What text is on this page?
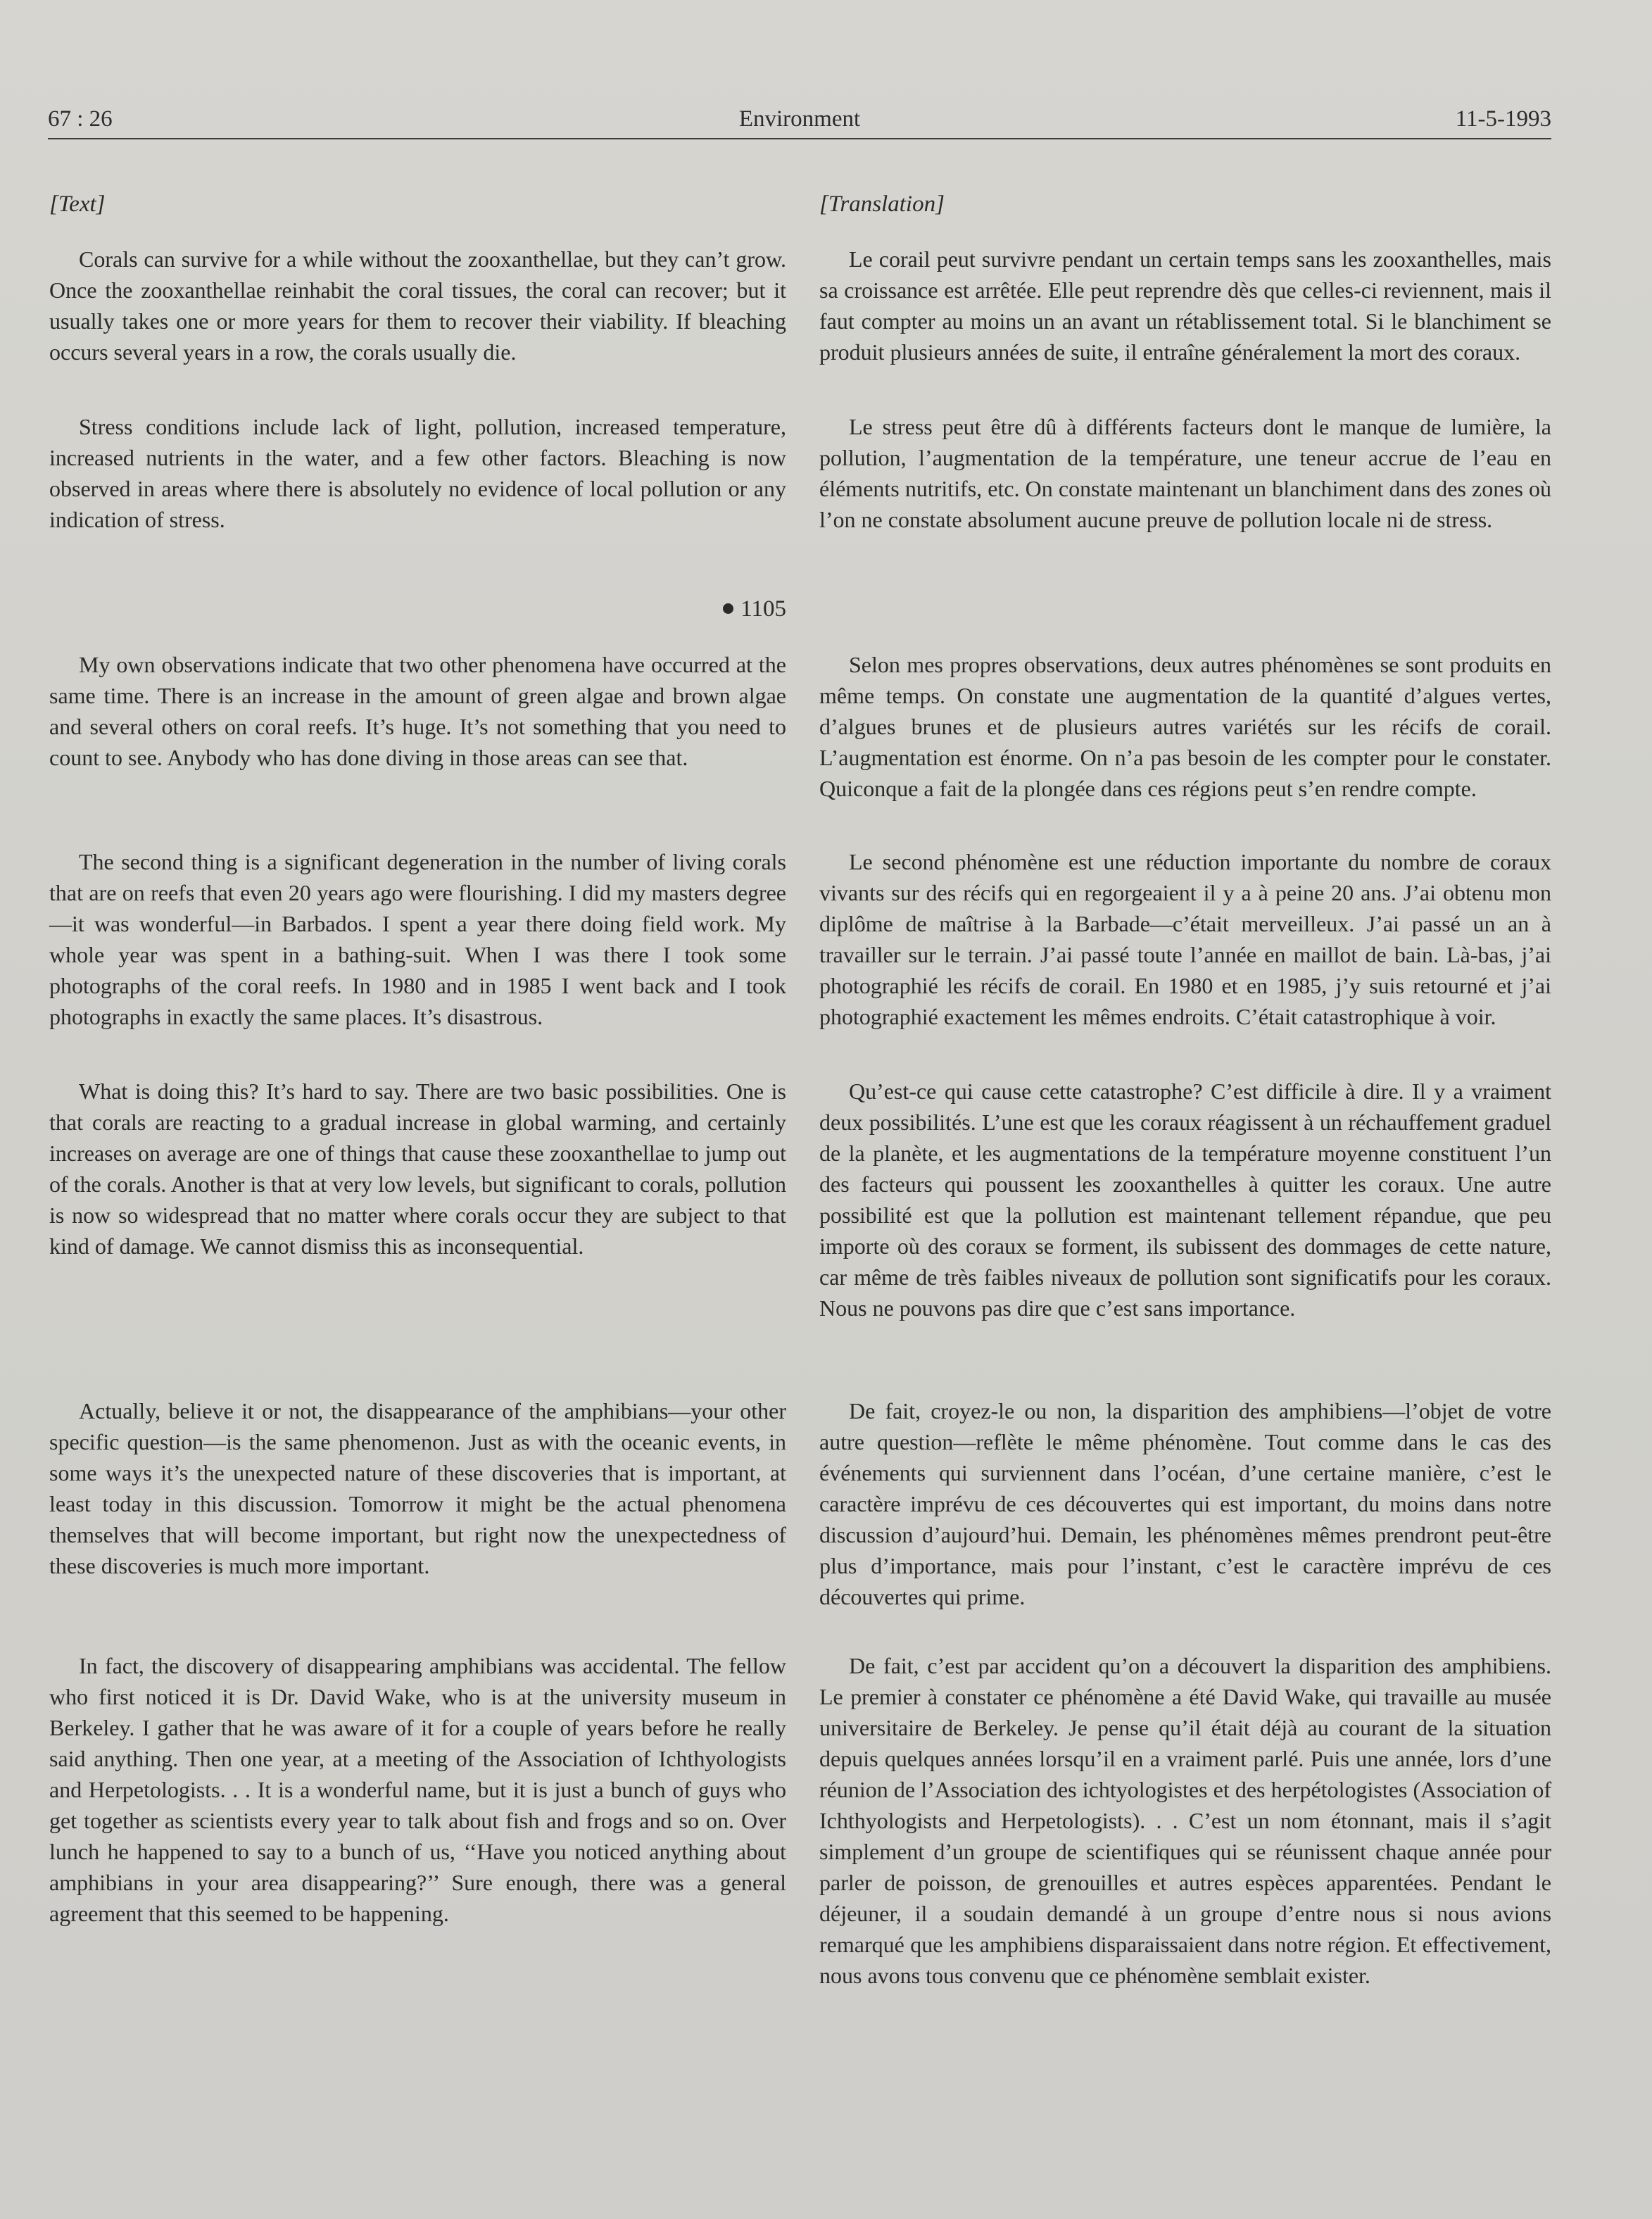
67 : 26	Environment	11-5-1993
[Text]

Corals can survive for a while without the zooxanthellae, but they can’t grow. Once the zooxanthellae reinhabit the coral tissues, the coral can recover; but it usually takes one or more years for them to recover their viability. If bleaching occurs several years in a row, the corals usually die.

Stress conditions include lack of light, pollution, increased temperature, increased nutrients in the water, and a few other factors. Bleaching is now observed in areas where there is absolutely no evidence of local pollution or any indication of stress.

1105

My own observations indicate that two other phenomena have occurred at the same time. There is an increase in the amount of green algae and brown algae and several others on coral reefs. It’s huge. It’s not something that you need to count to see. Anybody who has done diving in those areas can see that.

The second thing is a significant degeneration in the number of living corals that are on reefs that even 20 years ago were flourishing. I did my masters degree—it was wonderful—in Barbados. I spent a year there doing field work. My whole year was spent in a bathing-suit. When I was there I took some photographs of the coral reefs. In 1980 and in 1985 I went back and I took photographs in exactly the same places. It’s disastrous.

What is doing this? It’s hard to say. There are two basic possibilities. One is that corals are reacting to a gradual increase in global warming, and certainly increases on average are one of things that cause these zooxanthellae to jump out of the corals. Another is that at very low levels, but significant to corals, pollution is now so widespread that no matter where corals occur they are subject to that kind of damage. We cannot dismiss this as inconsequential.

Actually, believe it or not, the disappearance of the amphibians—your other specific question—is the same phenomenon. Just as with the oceanic events, in some ways it’s the unexpected nature of these discoveries that is important, at least today in this discussion. Tomorrow it might be the actual phenomena themselves that will become important, but right now the unexpectedness of these discoveries is much more important.

In fact, the discovery of disappearing amphibians was accidental. The fellow who first noticed it is Dr. David Wake, who is at the university museum in Berkeley. I gather that he was aware of it for a couple of years before he really said anything. Then one year, at a meeting of the Association of Ichthyologists and Herpetologists. . . It is a wonderful name, but it is just a bunch of guys who get together as scientists every year to talk about fish and frogs and so on. Over lunch he happened to say to a bunch of us, ‘‘Have you noticed anything about amphibians in your area disappearing?’’ Sure enough, there was a general agreement that this seemed to be happening.

[Translation]

Le corail peut survivre pendant un certain temps sans les zooxanthelles, mais sa croissance est arrêtée. Elle peut reprendre dès que celles-ci reviennent, mais il faut compter au moins un an avant un rétablissement total. Si le blanchiment se produit plusieurs années de suite, il entraîne généralement la mort des coraux.

Le stress peut être dû à différents facteurs dont le manque de lumière, la pollution, l’augmentation de la température, une teneur accrue de l’eau en éléments nutritifs, etc. On constate maintenant un blanchiment dans des zones où l’on ne constate absolument aucune preuve de pollution locale ni de stress.

Selon mes propres observations, deux autres phénomènes se sont produits en même temps. On constate une augmentation de la quantité d’algues vertes, d’algues brunes et de plusieurs autres variétés sur les récifs de corail. L’augmentation est énorme. On n’a pas besoin de les compter pour le constater. Quiconque a fait de la plongée dans ces régions peut s’en rendre compte.

Le second phénomène est une réduction importante du nombre de coraux vivants sur des récifs qui en regorgeaient il y a à peine 20 ans. J’ai obtenu mon diplôme de maîtrise à la Barbade—c’était merveilleux. J’ai passé un an à travailler sur le terrain. J’ai passé toute l’année en maillot de bain. Là-bas, j’ai photographié les récifs de corail. En 1980 et en 1985, j’y suis retourné et j’ai photographié exactement les mêmes endroits. C’était catastrophique à voir.

Qu’est-ce qui cause cette catastrophe? C’est difficile à dire. Il y a vraiment deux possibilités. L’une est que les coraux réagissent à un réchauffement graduel de la planète, et les augmentations de la température moyenne constituent l’un des facteurs qui poussent les zooxanthelles à quitter les coraux. Une autre possibilité est que la pollution est maintenant tellement répandue, que peu importe où des coraux se forment, ils subissent des dommages de cette nature, car même de très faibles niveaux de pollution sont significatifs pour les coraux. Nous ne pouvons pas dire que c’est sans importance.

De fait, croyez-le ou non, la disparition des amphibiens—l’objet de votre autre question—reflète le même phénomène. Tout comme dans le cas des événements qui surviennent dans l’océan, d’une certaine manière, c’est le caractère imprévu de ces découvertes qui est important, du moins dans notre discussion d’aujourd’hui. Demain, les phénomènes mêmes prendront peut-être plus d’importance, mais pour l’instant, c’est le caractère imprévu de ces découvertes qui prime.

De fait, c’est par accident qu’on a découvert la disparition des amphibiens. Le premier à constater ce phénomène a été David Wake, qui travaille au musée universitaire de Berkeley. Je pense qu’il était déjà au courant de la situation depuis quelques années lorsqu’il en a vraiment parlé. Puis une année, lors d’une réunion de l’Association des ichtyologistes et des herpétologistes (Association of Ichthyologists and Herpetologists). . . C’est un nom étonnant, mais il s’agit simplement d’un groupe de scientifiques qui se réunissent chaque année pour parler de poisson, de grenouilles et autres espèces apparentées. Pendant le déjeuner, il a soudain demandé à un groupe d’entre nous si nous avions remarqué que les amphibiens disparaissaient dans notre région. Et effectivement, nous avons tous convenu que ce phénomène semblait exister.
